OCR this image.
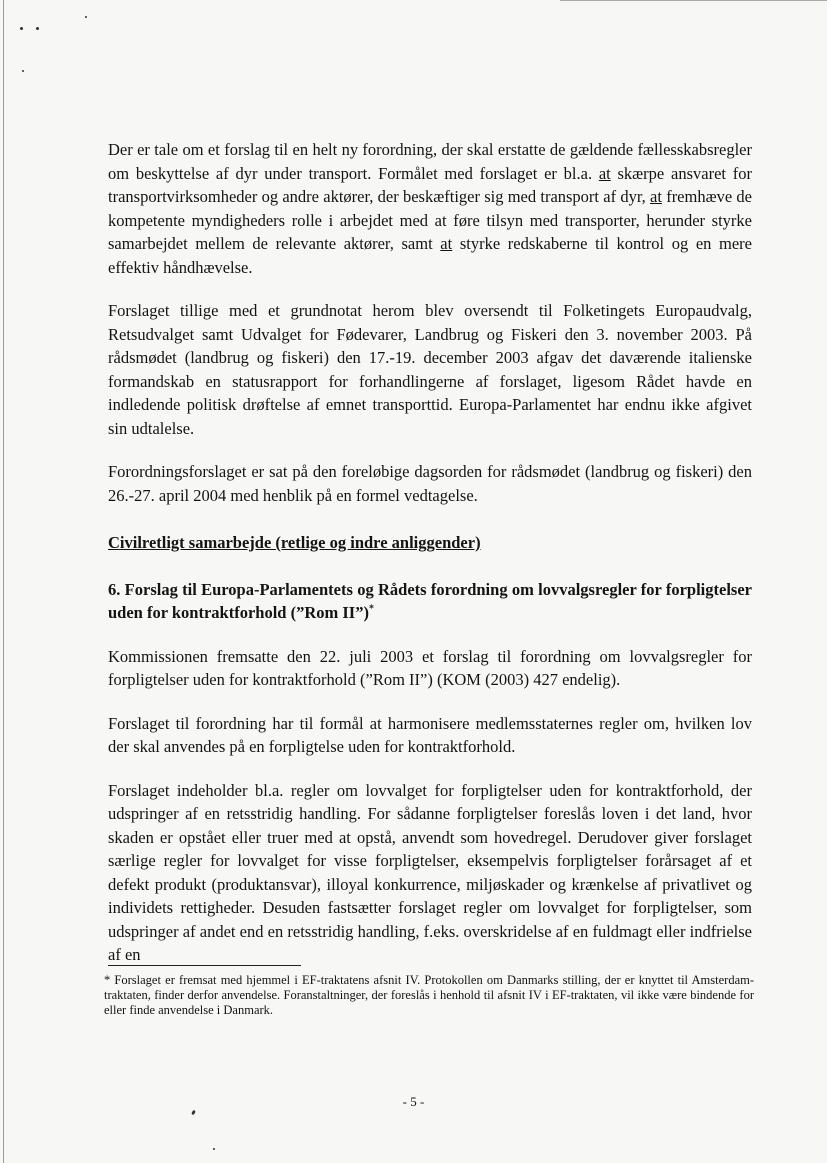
Der er tale om et forslag til en helt ny forordning, der skal erstatte de gældende fællesskabsregler om beskyttelse af dyr under transport. Formålet med forslaget er bl.a. at skærpe ansvaret for transportvirksomheder og andre aktører, der beskæftiger sig med transport af dyr, at fremhæve de kompetente myndigheders rolle i arbejdet med at føre tilsyn med transporter, herunder styrke samarbejdet mellem de relevante aktører, samt at styrke redskaberne til kontrol og en mere effektiv håndhævelse.

Forslaget tillige med et grundnotat herom blev oversendt til Folketingets Europaudvalg, Retsudvalget samt Udvalget for Fødevarer, Landbrug og Fiskeri den 3. november 2003. På rådsmødet (landbrug og fiskeri) den 17.-19. december 2003 afgav det daværende italienske formandskab en statusrapport for forhandlingerne af forslaget, ligesom Rådet havde en indledende politisk drøftelse af emnet transporttid. Europa-Parlamentet har endnu ikke afgivet sin udtalelse.

Forordningsforslaget er sat på den foreløbige dagsorden for rådsmødet (landbrug og fiskeri) den 26.-27. april 2004 med henblik på en formel vedtagelse.

Civilretligt samarbejde (retlige og indre anliggender)
6. Forslag til Europa-Parlamentets og Rådets forordning om lovvalgsregler for forpligtelser uden for kontraktforhold (”Rom II”)*

Kommissionen fremsatte den 22. juli 2003 et forslag til forordning om lovvalgsregler for forpligtelser uden for kontraktforhold (”Rom II”) (KOM (2003) 427 endelig).

Forslaget til forordning har til formål at harmonisere medlemsstaternes regler om, hvilken lov der skal anvendes på en forpligtelse uden for kontraktforhold.

Forslaget indeholder bl.a. regler om lovvalget for forpligtelser uden for kontraktforhold, der udspringer af en retsstridig handling. For sådanne forpligtelser foreslås loven i det land, hvor skaden er opstået eller truer med at opstå, anvendt som hovedregel. Derudover giver forslaget særlige regler for lovvalget for visse forpligtelser, eksempelvis forpligtelser forårsaget af et defekt produkt (produktansvar), illoyal konkurrence, miljøskader og krænkelse af privatlivet og individets rettigheder. Desuden fastsætter forslaget regler om lovvalget for forpligtelser, som udspringer af andet end en retsstridig handling, f.eks. overskridelse af en fuldmagt eller indfrielse af en

* Forslaget er fremsat med hjemmel i EF-traktatens afsnit IV. Protokollen om Danmarks stilling, der er knyttet til Amsterdam-traktaten, finder derfor anvendelse. Foranstaltninger, der foreslås i henhold til afsnit IV i EF-traktaten, vil ikke være bindende for eller finde anvendelse i Danmark.
- 5 -
